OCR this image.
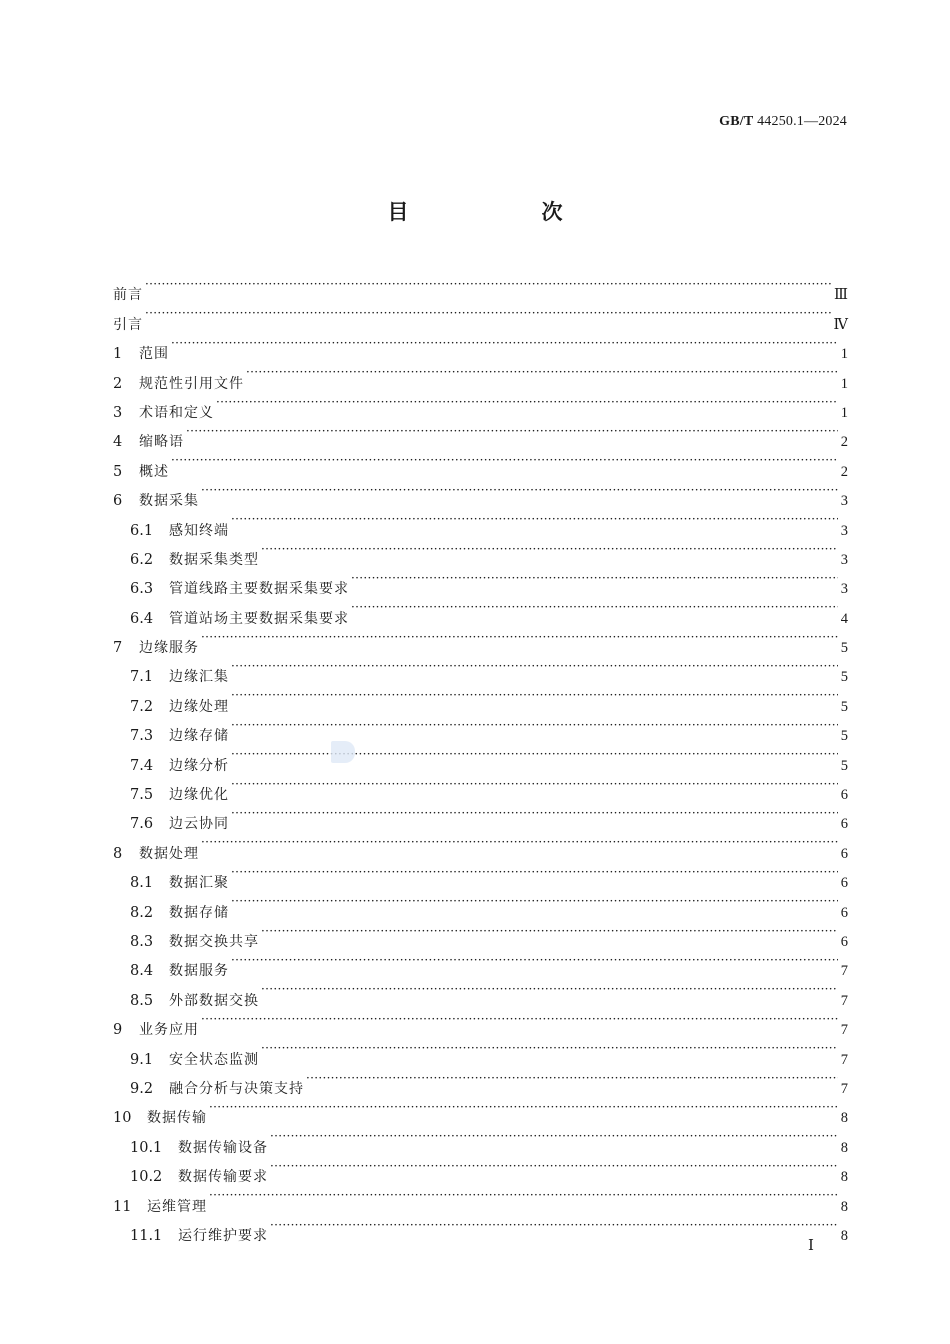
GB/T 44250.1—2024
目　次
前言 ·····	Ⅲ
引言 ·····	Ⅳ
1	范围 ·····	1
2	规范性引用文件 ·····	1
3	术语和定义 ·····	1
4	缩略语 ·····	2
5	概述 ·····	2
6	数据采集 ·····	3
6.1	感知终端 ·····	3
6.2	数据采集类型 ·····	3
6.3	管道线路主要数据采集要求 ·····	3
6.4	管道站场主要数据采集要求 ·····	4
7	边缘服务 ·····	5
7.1	边缘汇集 ·····	5
7.2	边缘处理 ·····	5
7.3	边缘存储 ·····	5
7.4	边缘分析 ·····	5
7.5	边缘优化 ·····	6
7.6	边云协同 ·····	6
8	数据处理 ·····	6
8.1	数据汇聚 ·····	6
8.2	数据存储 ·····	6
8.3	数据交换共享 ·····	6
8.4	数据服务 ·····	7
8.5	外部数据交换 ·····	7
9	业务应用 ·····	7
9.1	安全状态监测 ·····	7
9.2	融合分析与决策支持 ·····	7
10	数据传输 ·····	8
10.1	数据传输设备 ·····	8
10.2	数据传输要求 ·····	8
11	运维管理 ·····	8
11.1	运行维护要求 ·····	8
Ⅰ
